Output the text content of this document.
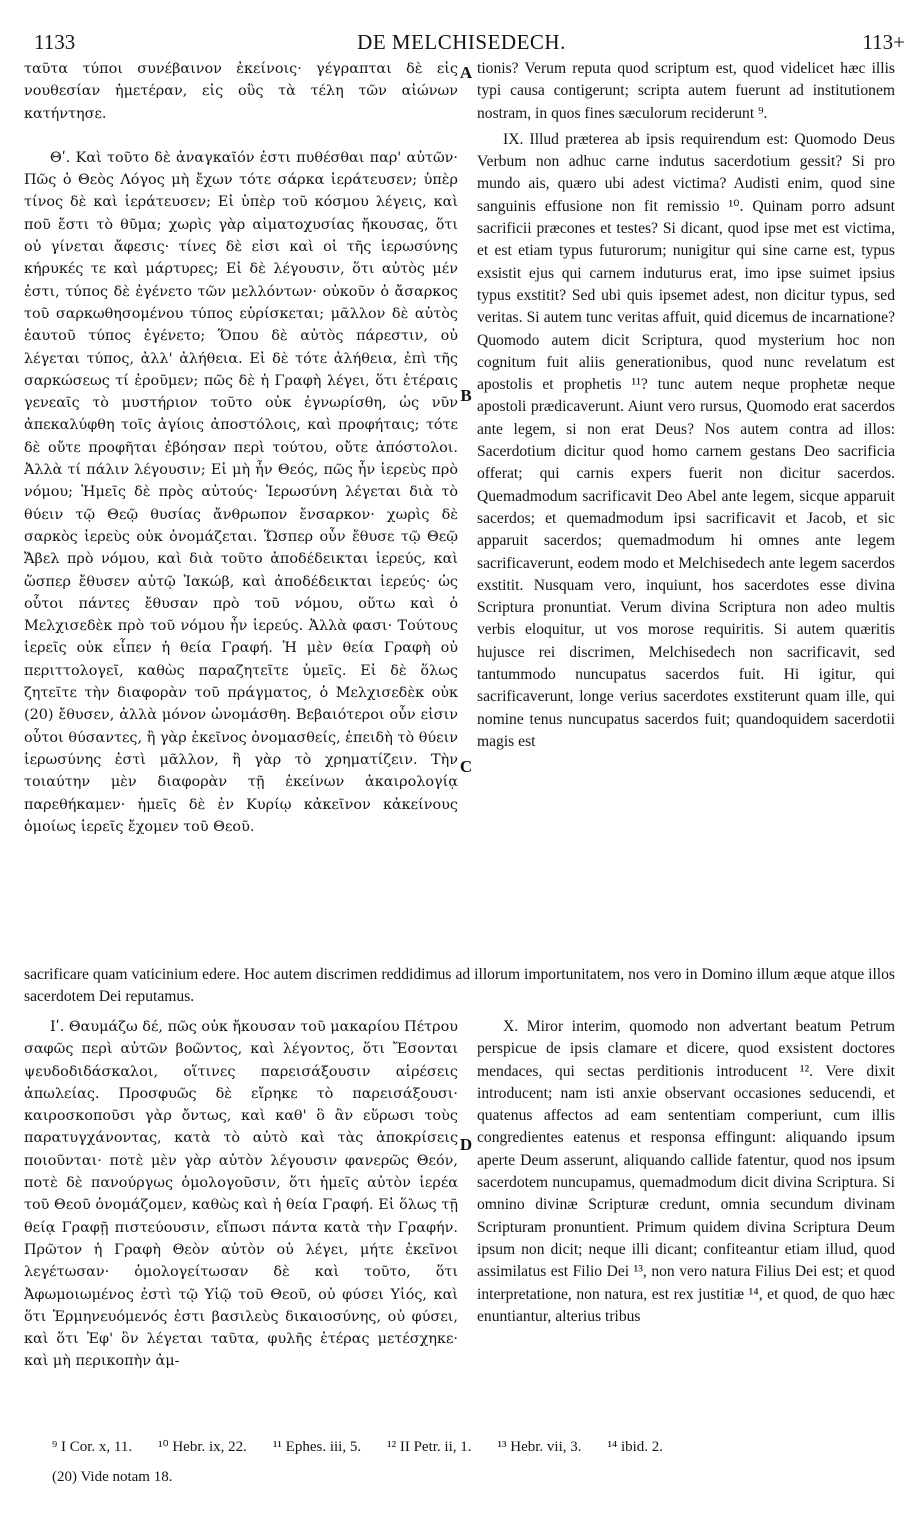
1133	DE MELCHISEDECH.	113+

ταῦτα τύποι συνέβαινον ἐκείνοις· γέγραπται δὲ εἰς νουθεσίαν ἡμετέραν, εἰς οὓς τὰ τέλη τῶν αἰώνων κατήντησε.

Θʹ. Καὶ τοῦτο δὲ ἀναγκαῖόν ἐστι πυθέσθαι παρ' αὐτῶν· Πῶς ὁ Θεὸς Λόγος μὴ ἔχων τότε σάρκα ἱεράτευσεν; ὑπὲρ τίνος δὲ καὶ ἱεράτευσεν; Εἰ ὑπὲρ τοῦ κόσμου λέγεις, καὶ ποῦ ἔστι τὸ θῦμα; χωρὶς γὰρ αἱματοχυσίας ἤκουσας, ὅτι οὐ γίνεται ἄφεσις· τίνες δὲ εἰσι καὶ οἱ τῆς ἱερωσύνης κήρυκές τε καὶ μάρτυρες; Εἰ δὲ λέγουσιν, ὅτι αὐτὸς μέν ἐστι, τύπος δὲ ἐγένετο τῶν μελλόντων· οὐκοῦν ὁ ἄσαρκος τοῦ σαρκωθησομένου τύπος εὑρίσκεται; μᾶλλον δὲ αὐτὸς ἑαυτοῦ τύπος ἐγένετο; Ὅπου δὲ αὐτὸς πάρεστιν, οὐ λέγεται τύπος, ἀλλ' ἀλήθεια. Εἰ δὲ τότε ἀλήθεια, ἐπὶ τῆς σαρκώσεως τί ἐροῦμεν; πῶς δὲ ἡ Γραφὴ λέγει, ὅτι ἑτέραις γενεαῖς τὸ μυστήριον τοῦτο οὐκ ἐγνωρίσθη, ὡς νῦν ἀπεκαλύφθη τοῖς ἁγίοις ἀποστόλοις, καὶ προφήταις; τότε δὲ οὔτε προφῆται ἐβόησαν περὶ τούτου, οὔτε ἀπόστολοι. Ἀλλὰ τί πάλιν λέγουσιν; Εἰ μὴ ἦν Θεός, πῶς ἦν ἱερεὺς πρὸ νόμου; Ἡμεῖς δὲ πρὸς αὐτούς· Ἱερωσύνη λέγεται διὰ τὸ θύειν τῷ Θεῷ θυσίας ἄνθρωπον ἔνσαρκον· χωρὶς δὲ σαρκὸς ἱερεὺς οὐκ ὀνομάζεται. Ὥσπερ οὖν ἔθυσε τῷ Θεῷ Ἄβελ πρὸ νόμου, καὶ διὰ τοῦτο ἀποδέδεικται ἱερεύς, καὶ ὥσπερ ἔθυσεν αὐτῷ Ἰακώβ, καὶ ἀποδέδεικται ἱερεύς· ὡς οὗτοι πάντες ἔθυσαν πρὸ τοῦ νόμου, οὕτω καὶ ὁ Μελχισεδὲκ πρὸ τοῦ νόμου ἦν ἱερεύς. Ἀλλὰ φασι· Τούτους ἱερεῖς οὐκ εἶπεν ἡ θεία Γραφή. Ἡ μὲν θεία Γραφὴ οὐ περιττολογεῖ, καθὼς παραζητεῖτε ὑμεῖς. Εἰ δὲ ὅλως ζητεῖτε τὴν διαφορὰν τοῦ πράγματος, ὁ Μελχισεδὲκ οὐκ (20) ἔθυσεν, ἀλλὰ μόνον ὠνομάσθη. Βεβαιότεροι οὖν εἰσιν οὗτοι θύσαντες, ἢ γὰρ ἐκεῖνος ὀνομασθείς, ἐπειδὴ τὸ θύειν ἱερωσύνης ἐστὶ μᾶλλον, ἢ γὰρ τὸ χρηματίζειν. Τὴν τοιαύτην μὲν διαφορὰν τῇ ἐκείνων ἀκαιρολογίᾳ παρεθήκαμεν· ἡμεῖς δὲ ἐν Κυρίῳ κἀκεῖνον κἀκείνους ὁμοίως ἱερεῖς ἔχομεν τοῦ Θεοῦ.

tionis? Verum reputa quod scriptum est, quod videlicet hæc illis typi causa contigerunt; scripta autem fuerunt ad institutionem nostram, in quos fines sæculorum reciderunt ⁹.

IX. Illud præterea ab ipsis requirendum est: Quomodo Deus Verbum non adhuc carne indutus sacerdotium gessit? Si pro mundo ais, quæro ubi adest victima? Audisti enim, quod sine sanguinis effusione non fit remissio ¹⁰. Quinam porro adsunt sacrificii præcones et testes? Si dicant, quod ipse met est victima, et est etiam typus futurorum; nunigitur qui sine carne est, typus exsistit ejus qui carnem induturus erat, imo ipse suimet ipsius typus exstitit? Sed ubi quis ipsemet adest, non dicitur typus, sed veritas. Si autem tunc veritas affuit, quid dicemus de incarnatione? Quomodo autem dicit Scriptura, quod mysterium hoc non cognitum fuit aliis generationibus, quod nunc revelatum est apostolis et prophetis ¹¹? tunc autem neque prophetæ neque apostoli prædicaverunt. Aiunt vero rursus, Quomodo erat sacerdos ante legem, si non erat Deus? Nos autem contra ad illos: Sacerdotium dicitur quod homo carnem gestans Deo sacrificia offerat; qui carnis expers fuerit non dicitur sacerdos. Quemadmodum sacrificavit Deo Abel ante legem, sicque apparuit sacerdos; et quemadmodum ipsi sacrificavit et Jacob, et sic apparuit sacerdos; quemadmodum hi omnes ante legem sacrificaverunt, eodem modo et Melchisedech ante legem sacerdos exstitit. Nusquam vero, inquiunt, hos sacerdotes esse divina Scriptura pronuntiat. Verum divina Scriptura non adeo multis verbis eloquitur, ut vos morose requiritis. Si autem quæritis hujusce rei discrimen, Melchisedech non sacrificavit, sed tantummodo nuncupatus sacerdos fuit. Hi igitur, qui sacrificaverunt, longe verius sacerdotes exstiterunt quam ille, qui nomine tenus nuncupatus sacerdos fuit; quandoquidem sacerdotii magis est

A
B
C
D
sacrificare quam vaticinium edere. Hoc autem discrimen reddidimus ad illorum importunitatem, nos vero in Domino illum æque atque illos sacerdotem Dei reputamus.

Iʹ. Θαυμάζω δέ, πῶς οὐκ ἤκουσαν τοῦ μακαρίου Πέτρου σαφῶς περὶ αὐτῶν βοῶντος, καὶ λέγοντος, ὅτι Ἔσονται ψευδοδιδάσκαλοι, οἵτινες παρεισάξουσιν αἱρέσεις ἀπωλείας. Προσφυῶς δὲ εἴρηκε τὸ παρεισάξουσι· καιροσκοποῦσι γὰρ ὄντως, καὶ καθ' ὃ ἂν εὕρωσι τοὺς παρατυγχάνοντας, κατὰ τὸ αὐτὸ καὶ τὰς ἀποκρίσεις ποιοῦνται· ποτὲ μὲν γὰρ αὐτὸν λέγουσιν φανερῶς Θεόν, ποτὲ δὲ πανούργως ὁμολογοῦσιν, ὅτι ἡμεῖς αὐτὸν ἱερέα τοῦ Θεοῦ ὀνομάζομεν, καθὼς καὶ ἡ θεία Γραφή. Εἰ ὅλως τῇ θείᾳ Γραφῇ πιστεύουσιν, εἴπωσι πάντα κατὰ τὴν Γραφήν. Πρῶτον ἡ Γραφὴ Θεὸν αὐτὸν οὐ λέγει, μήτε ἐκεῖνοι λεγέτωσαν· ὁμολογείτωσαν δὲ καὶ τοῦτο, ὅτι Ἀφωμοιωμένος ἐστὶ τῷ Υἱῷ τοῦ Θεοῦ, οὐ φύσει Υἱός, καὶ ὅτι Ἑρμηνευόμενός ἐστι βασιλεὺς δικαιοσύνης, οὐ φύσει, καὶ ὅτι Ἐφ' ὃν λέγεται ταῦτα, φυλῆς ἑτέρας μετέσχηκε· καὶ μὴ περικοπὴν ἀμ-

X. Miror interim, quomodo non advertant beatum Petrum perspicue de ipsis clamare et dicere, quod exsistent doctores mendaces, qui sectas perditionis introducent ¹². Vere dixit introducent; nam isti anxie observant occasiones seducendi, et quatenus affectos ad eam sententiam comperiunt, cum illis congredientes eatenus et responsa effingunt: aliquando ipsum aperte Deum asserunt, aliquando callide fatentur, quod nos ipsum sacerdotem nuncupamus, quemadmodum dicit divina Scriptura. Si omnino divinæ Scripturæ credunt, omnia secundum divinam Scripturam pronuntient. Primum quidem divina Scriptura Deum ipsum non dicit; neque illi dicant; confiteantur etiam illud, quod assimilatus est Filio Dei ¹³, non vero natura Filius Dei est; et quod interpretatione, non natura, est rex justitiæ ¹⁴, et quod, de quo hæc enuntiantur, alterius tribus

⁹ I Cor. x, 11. ¹⁰ Hebr. ix, 22. ¹¹ Ephes. iii, 5. ¹² II Petr. ii, 1. ¹³ Hebr. vii, 3. ¹⁴ ibid. 2.
(20) Vide notam 18.
